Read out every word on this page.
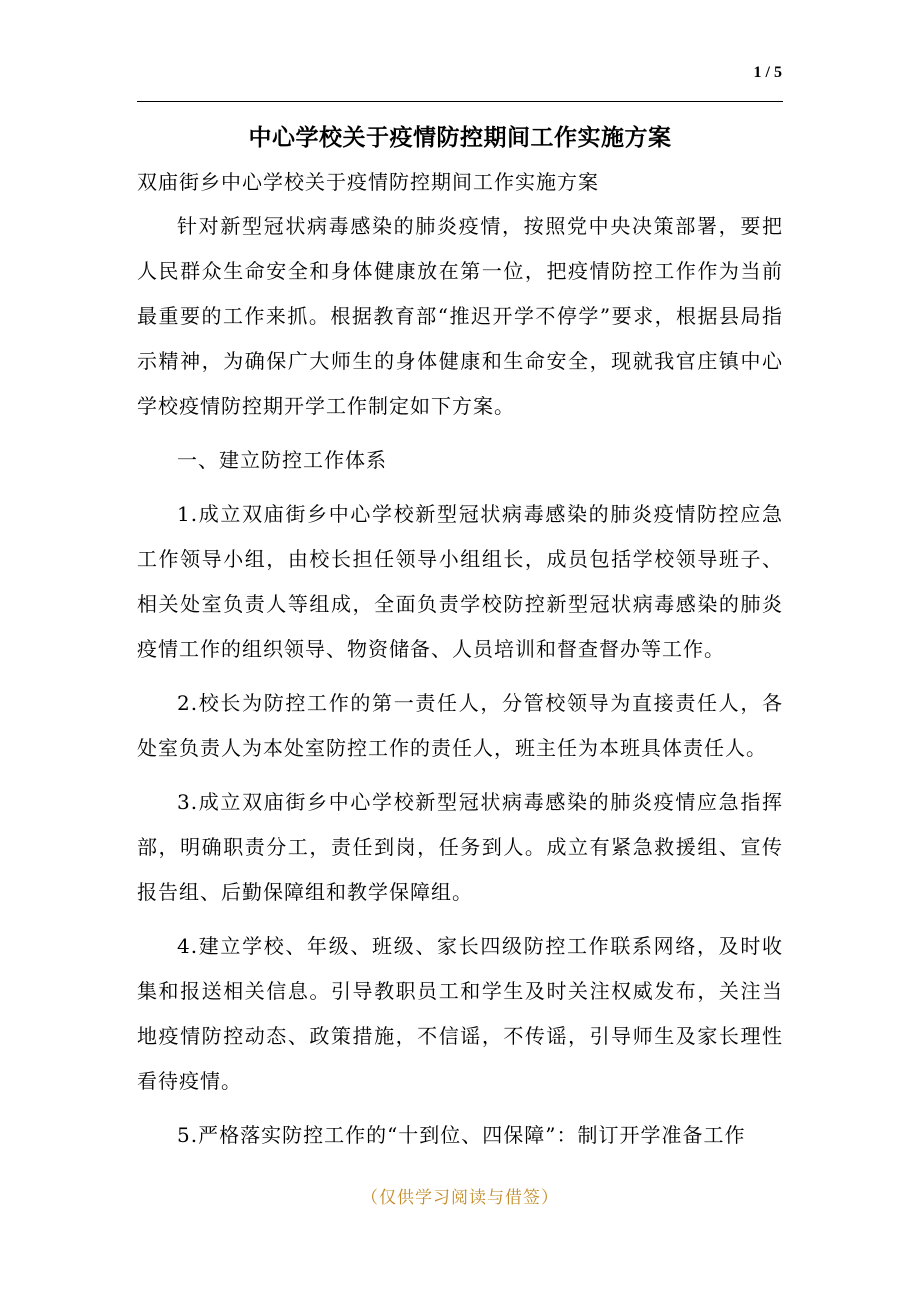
1 / 5
中心学校关于疫情防控期间工作实施方案

双庙街乡中心学校关于疫情防控期间工作实施方案

针对新型冠状病毒感染的肺炎疫情，按照党中央决策部署，要把人民群众生命安全和身体健康放在第一位，把疫情防控工作作为当前最重要的工作来抓。根据教育部“推迟开学不停学”要求，根据县局指示精神，为确保广大师生的身体健康和生命安全，现就我官庄镇中心学校疫情防控期开学工作制定如下方案。

一、建立防控工作体系

1.成立双庙街乡中心学校新型冠状病毒感染的肺炎疫情防控应急工作领导小组，由校长担任领导小组组长，成员包括学校领导班子、相关处室负责人等组成，全面负责学校防控新型冠状病毒感染的肺炎疫情工作的组织领导、物资储备、人员培训和督查督办等工作。

2.校长为防控工作的第一责任人，分管校领导为直接责任人，各处室负责人为本处室防控工作的责任人，班主任为本班具体责任人。

3.成立双庙街乡中心学校新型冠状病毒感染的肺炎疫情应急指挥部，明确职责分工，责任到岗，任务到人。成立有紧急救援组、宣传报告组、后勤保障组和教学保障组。

4.建立学校、年级、班级、家长四级防控工作联系网络，及时收集和报送相关信息。引导教职员工和学生及时关注权威发布，关注当地疫情防控动态、政策措施，不信谣，不传谣，引导师生及家长理性看待疫情。

5.严格落实防控工作的“十到位、四保障”：制订开学准备工作

（仅供学习阅读与借签）
